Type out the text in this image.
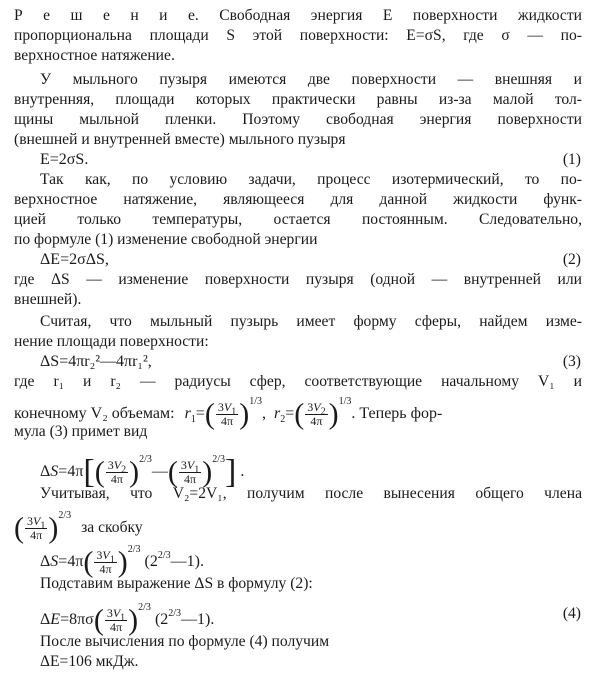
Р е ш е н и е. Свободная энергия E поверхности жидкости
пропорциональна площади S этой поверхности: E=σS, где σ — по-
верхностное натяжение.
У мыльного пузыря имеются две поверхности — внешняя и
внутренняя, площади которых практически равны из-за малой тол-
щины мыльной пленки. Поэтому свободная энергия поверхности
(внешней и внутренней вместе) мыльного пузыря
E=2σS.	(1)
Так как, по условию задачи, процесс изотермический, то по-
верхностное натяжение, являющееся для данной жидкости функ-
цией только температуры, остается постоянным. Следовательно,
по формуле (1) изменение свободной энергии
ΔE=2σΔS,	(2)
где ΔS — изменение поверхности пузыря (одной — внутренней или
внешней).
Считая, что мыльный пузырь имеет форму сферы, найдем изме-
нение площади поверхности:
ΔS=4πr₂²—4πr₁²,	(3)
где r₁ и r₂ — радиусы сфер, соответствующие начальному V₁ и
конечному V₂ объемам: $r_1=( \frac{3V_1}{4\pi} )^{1/3}$, $r_2=( \frac{3V_2}{4\pi} )^{1/3}$. Теперь фор-
мула (3) примет вид
$\Delta S=4\pi[( \frac{3V_2}{4\pi}$ )$^{2/3}—( \frac{3V_1}{4\pi} )^{2/3}$] .
Учитывая, что V₂=2V₁, получим после вынесения общего члена
( $\frac{3V_1}{4\pi} )^{2/3}$ за скобку
$\Delta S=4\pi( \frac{3V_1}{4\pi} )^{2/3}$ $(2^{2/3}—1)$.
Подставим выражение ΔS в формулу (2):
$\Delta E=8\pi\sigma( \frac{3V_1}{4\pi} )^{2/3}$ $(2^{2/3}—1)$.	(4)
После вычисления по формуле (4) получим
ΔE=106 мкДж.
